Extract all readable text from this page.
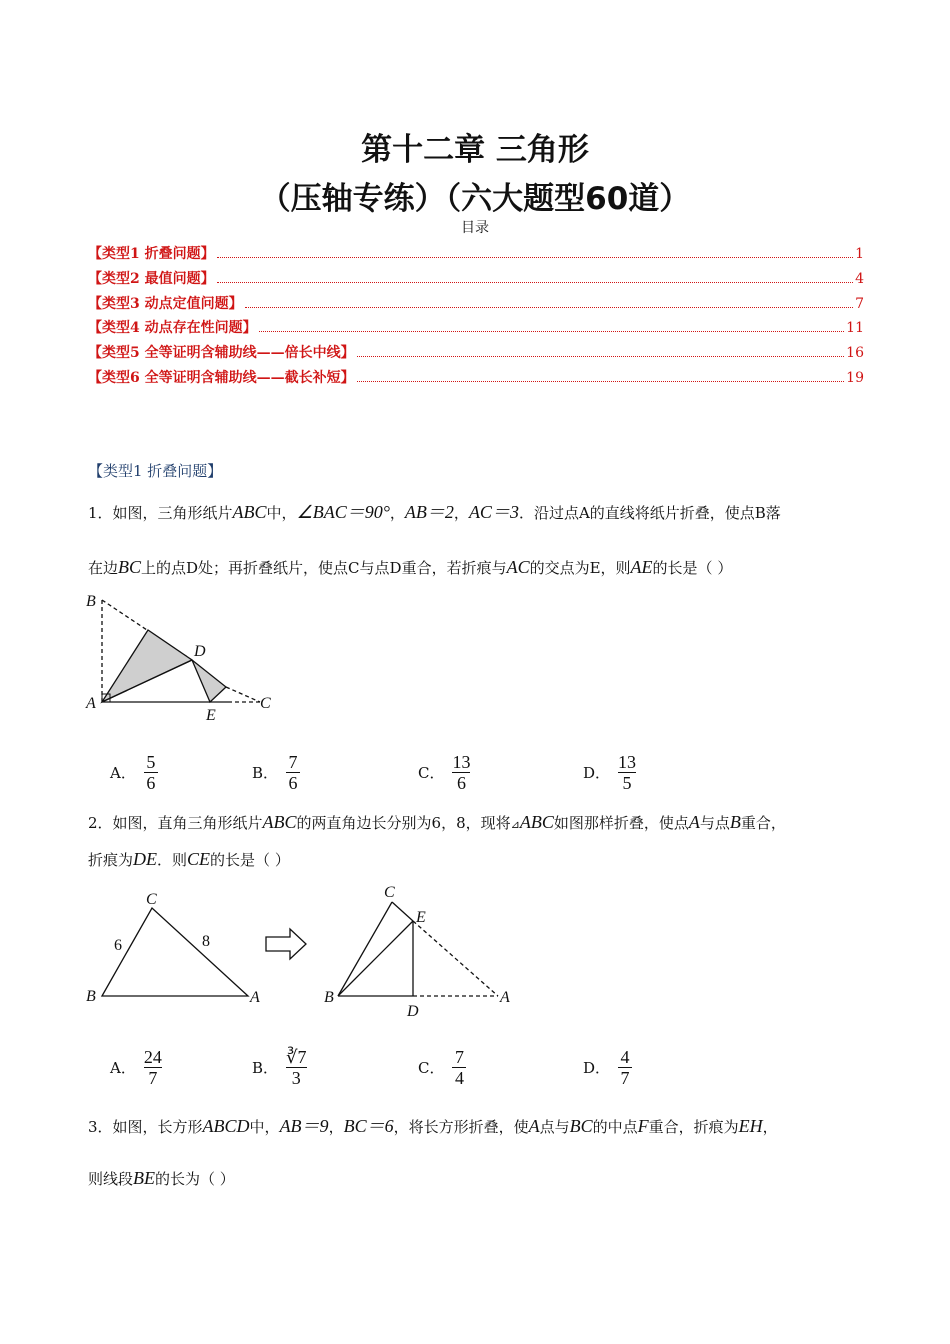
第十二章 三角形
（压轴专练）（六大题型60道）
目录
【类型1 折叠问题】	1
【类型2 最值问题】	4
【类型3 动点定值问题】	7
【类型4 动点存在性问题】	11
【类型5 全等证明含辅助线——倍长中线】	16
【类型6 全等证明含辅助线——截长补短】	19
【类型1 折叠问题】
1．如图，三角形纸片ABC中，∠BAC＝90°，AB＝2，AC＝3．沿过点A的直线将纸片折叠，使点B落
在边BC上的点D处；再折叠纸片，使点C与点D重合，若折痕与AC的交点为E，则AE的长是（ ）
B
A
D
E
C
A． $\frac{5}{6}$	B． $\frac{7}{6}$	C． $\frac{13}{6}$	D． $\frac{13}{5}$
2．如图，直角三角形纸片ABC的两直角边长分别为6，8，现将⊿ABC如图那样折叠，使点A与点B重合，
折痕为DE．则CE的长是（ ）
C
B	A
6	8
C
E
B
D
A
A． $\frac{24}{7}$	B． $\frac{∛7}{3}$	C． $\frac{7}{4}$	D． $\frac{4}{7}$
3．如图，长方形ABCD中，AB＝9，BC＝6，将长方形折叠，使A点与BC的中点F重合，折痕为EH，
则线段BE的长为（ ）
